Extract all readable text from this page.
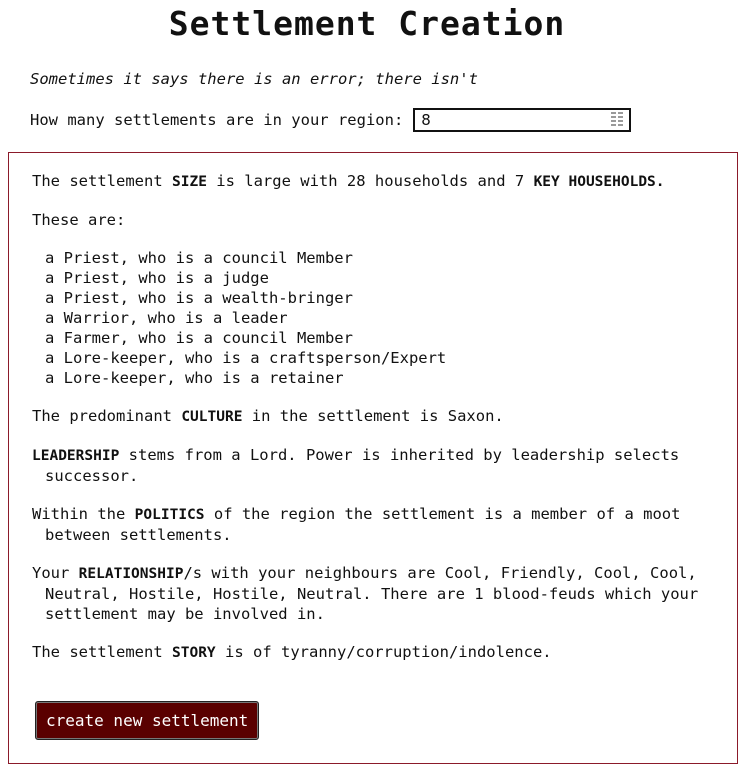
Settlement Creation
Sometimes it says there is an error; there isn't
How many settlements are in your region:
8

The settlement SIZE is large with 28 households and 7 KEY HOUSEHOLDS.

These are:

a Priest, who is a council Member
a Priest, who is a judge
a Priest, who is a wealth-bringer
a Warrior, who is a leader
a Farmer, who is a council Member
a Lore-keeper, who is a craftsperson/Expert
a Lore-keeper, who is a retainer

The predominant CULTURE in the settlement is Saxon.

LEADERSHIP stems from a Lord. Power is inherited by leadership selects successor.

Within the POLITICS of the region the settlement is a member of a moot between settlements.

Your RELATIONSHIP/s with your neighbours are Cool, Friendly, Cool, Cool, Neutral, Hostile, Hostile, Neutral. There are 1 blood-feuds which your settlement may be involved in.

The settlement STORY is of tyranny/corruption/indolence.

create new settlement
